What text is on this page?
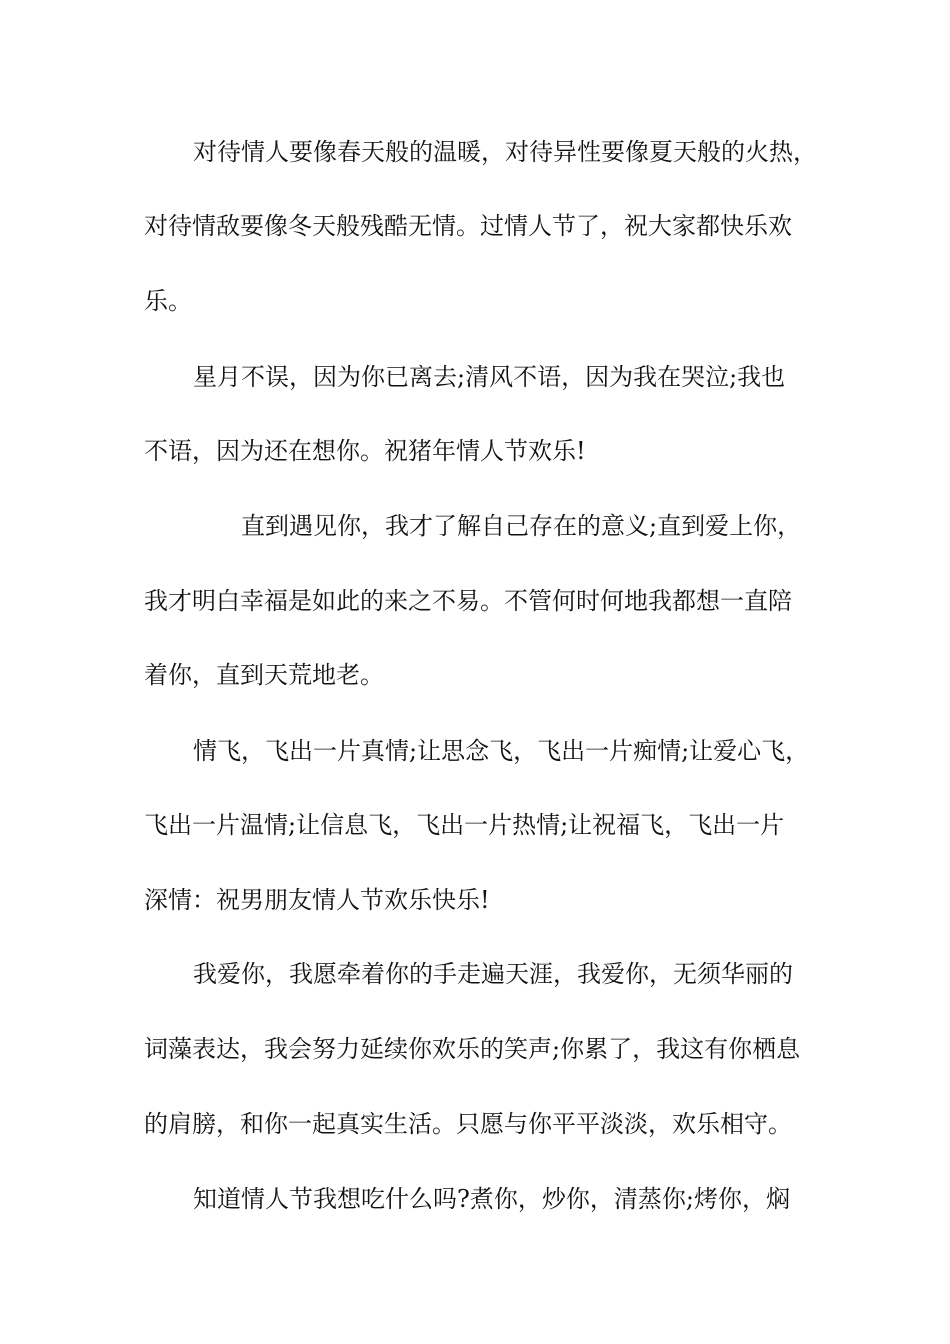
对待情人要像春天般的温暖，对待异性要像夏天般的火热，

对待情敌要像冬天般残酷无情。过情人节了，祝大家都快乐欢

乐。

星月不误，因为你已离去;清风不语，因为我在哭泣;我也

不语，因为还在想你。祝猪年情人节欢乐!

直到遇见你，我才了解自己存在的意义;直到爱上你，

我才明白幸福是如此的来之不易。不管何时何地我都想一直陪

着你，直到天荒地老。

情飞，飞出一片真情;让思念飞，飞出一片痴情;让爱心飞，

飞出一片温情;让信息飞，飞出一片热情;让祝福飞，飞出一片

深情：祝男朋友情人节欢乐快乐!

我爱你，我愿牵着你的手走遍天涯，我爱你，无须华丽的

词藻表达，我会努力延续你欢乐的笑声;你累了，我这有你栖息

的肩膀，和你一起真实生活。只愿与你平平淡淡，欢乐相守。

知道情人节我想吃什么吗?煮你，炒你，清蒸你;烤你，焖
